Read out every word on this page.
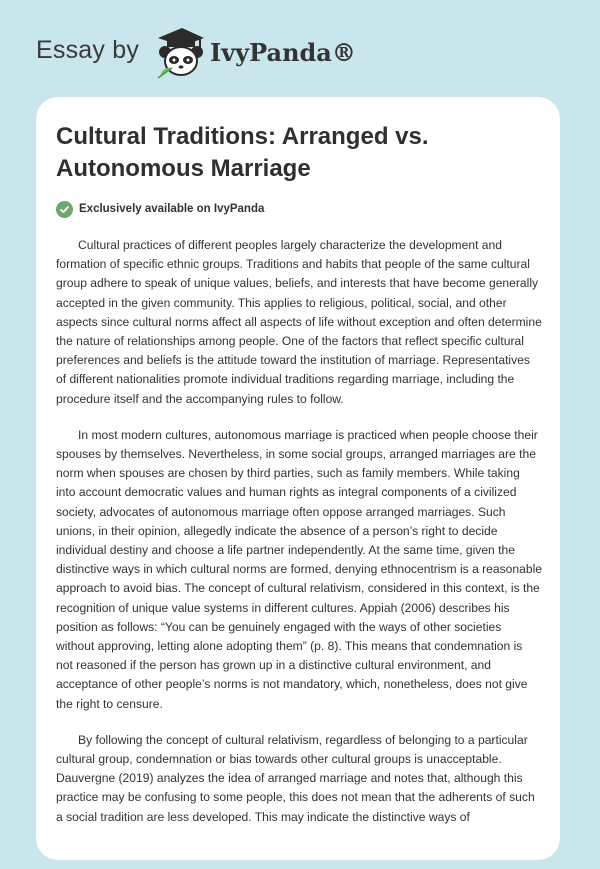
Essay by	IvyPanda®
Cultural Traditions: Arranged vs. Autonomous Marriage
Exclusively available on IvyPanda

Cultural practices of different peoples largely characterize the development and formation of specific ethnic groups. Traditions and habits that people of the same cultural group adhere to speak of unique values, beliefs, and interests that have become generally accepted in the given community. This applies to religious, political, social, and other aspects since cultural norms affect all aspects of life without exception and often determine the nature of relationships among people. One of the factors that reflect specific cultural preferences and beliefs is the attitude toward the institution of marriage. Representatives of different nationalities promote individual traditions regarding marriage, including the procedure itself and the accompanying rules to follow.

In most modern cultures, autonomous marriage is practiced when people choose their spouses by themselves. Nevertheless, in some social groups, arranged marriages are the norm when spouses are chosen by third parties, such as family members. While taking into account democratic values and human rights as integral components of a civilized society, advocates of autonomous marriage often oppose arranged marriages. Such unions, in their opinion, allegedly indicate the absence of a person’s right to decide individual destiny and choose a life partner independently. At the same time, given the distinctive ways in which cultural norms are formed, denying ethnocentrism is a reasonable approach to avoid bias. The concept of cultural relativism, considered in this context, is the recognition of unique value systems in different cultures. Appiah (2006) describes his position as follows: “You can be genuinely engaged with the ways of other societies without approving, letting alone adopting them” (p. 8). This means that condemnation is not reasoned if the person has grown up in a distinctive cultural environment, and acceptance of other people’s norms is not mandatory, which, nonetheless, does not give the right to censure.

By following the concept of cultural relativism, regardless of belonging to a particular cultural group, condemnation or bias towards other cultural groups is unacceptable. Dauvergne (2019) analyzes the idea of arranged marriage and notes that, although this practice may be confusing to some people, this does not mean that the adherents of such a social tradition are less developed. This may indicate the distinctive ways of
